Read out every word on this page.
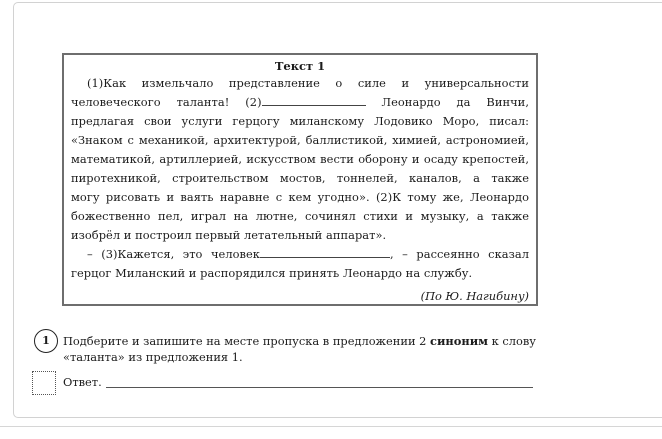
Текст 1
(1)Как измельчало представление о силе и универсальности
человеческого таланта! (2)	Леонардо да Винчи,
предлагая свои услуги герцогу миланскому Лодовико Моро, писал:
«Знаком с механикой, архитектурой, баллистикой, химией, астрономией,
математикой, артиллерией, искусством вести оборону и осаду крепостей,
пиротехникой, строительством мостов, тоннелей, каналов, а также
могу рисовать и ваять наравне с кем угодно». (2)К тому же, Леонардо
божественно пел, играл на лютне, сочинял стихи и музыку, а также
изобрёл и построил первый летательный аппарат».
– (3)Кажется, это человек	, – рассеянно сказал
герцог Миланский и распорядился принять Леонардо на службу.
(По Ю. Нагибину)
1	Подберите и запишите на месте пропуска в предложении 2 синоним к слову
«таланта» из предложения 1.
Ответ.
